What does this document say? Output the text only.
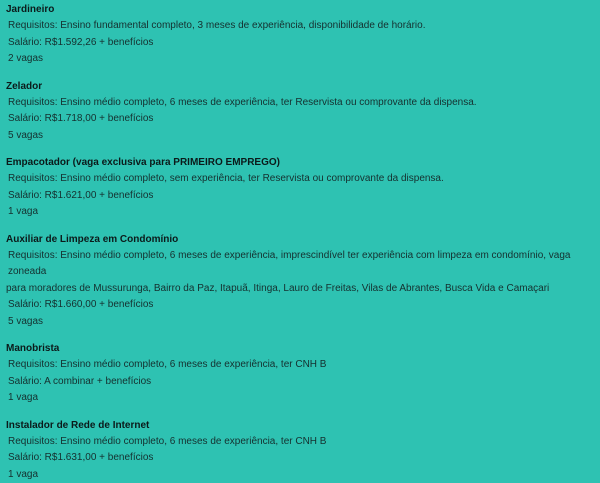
Jardineiro
Requisitos: Ensino fundamental completo, 3 meses de experiência, disponibilidade de horário.
Salário: R$1.592,26 + benefícios
2 vagas
Zelador
Requisitos: Ensino médio completo, 6 meses de experiência, ter Reservista ou comprovante da dispensa.
Salário: R$1.718,00 + benefícios
5 vagas
Empacotador (vaga exclusiva para PRIMEIRO EMPREGO)
Requisitos: Ensino médio completo, sem experiência, ter Reservista ou comprovante da dispensa.
Salário: R$1.621,00 + benefícios
1 vaga
Auxiliar de Limpeza em Condomínio
Requisitos: Ensino médio completo, 6 meses de experiência, imprescindível ter experiência com limpeza em condomínio, vaga zoneada
para moradores de Mussurunga, Bairro da Paz, Itapuã, Itinga, Lauro de Freitas, Vilas de Abrantes, Busca Vida e Camaçari
Salário: R$1.660,00 + benefícios
5 vagas
Manobrista
Requisitos: Ensino médio completo, 6 meses de experiência, ter CNH B
Salário: A combinar + benefícios
1 vaga
Instalador de Rede de Internet
Requisitos: Ensino médio completo, 6 meses de experiência, ter CNH B
Salário: R$1.631,00 + benefícios
1 vaga
